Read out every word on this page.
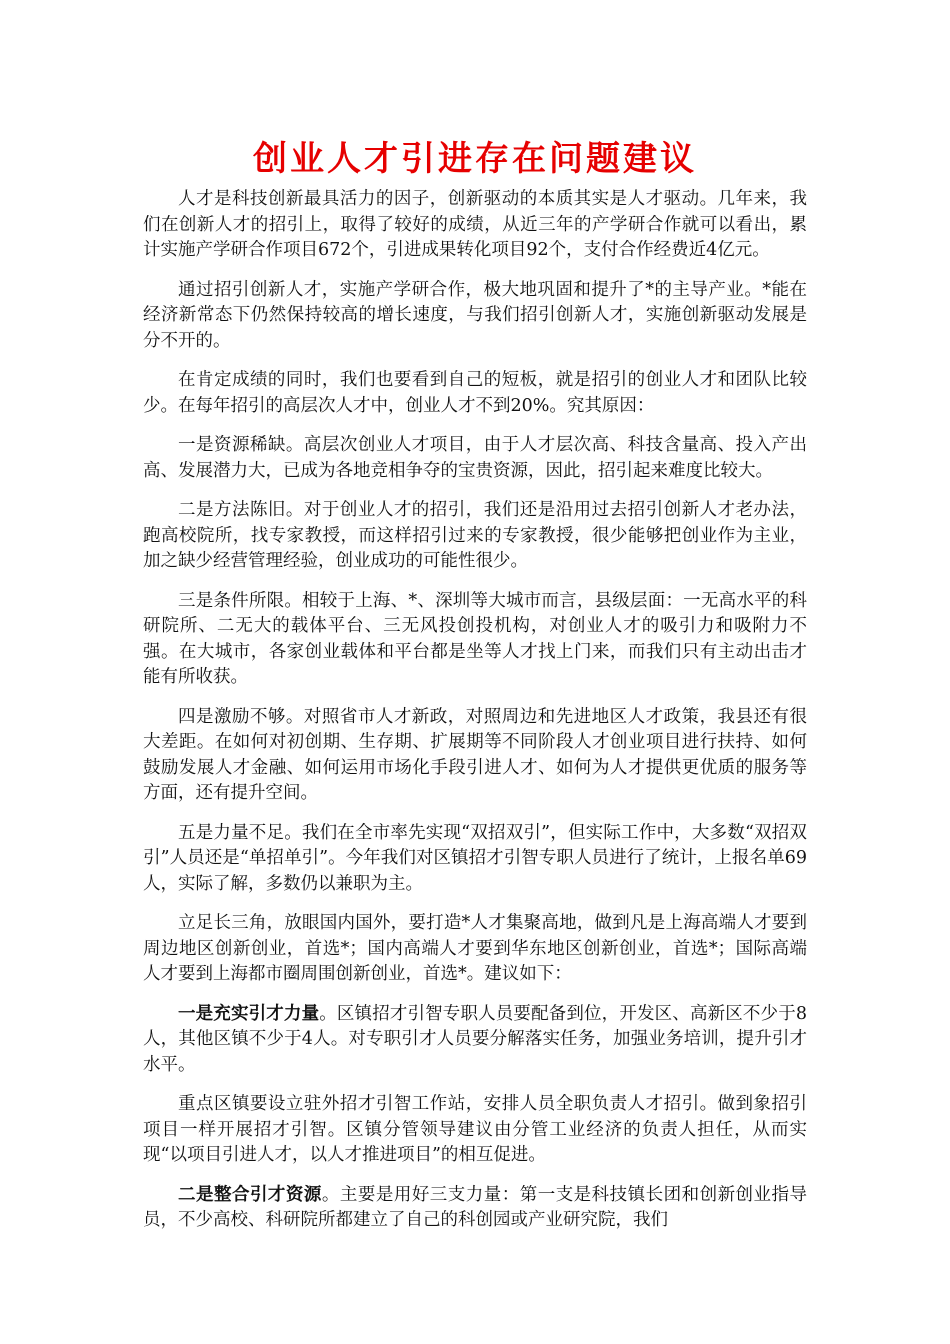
创业人才引进存在问题建议

人才是科技创新最具活力的因子，创新驱动的本质其实是人才驱动。几年来，我们在创新人才的招引上，取得了较好的成绩，从近三年的产学研合作就可以看出，累计实施产学研合作项目672个，引进成果转化项目92个，支付合作经费近4亿元。

通过招引创新人才，实施产学研合作，极大地巩固和提升了*的主导产业。*能在经济新常态下仍然保持较高的增长速度，与我们招引创新人才，实施创新驱动发展是分不开的。

在肯定成绩的同时，我们也要看到自己的短板，就是招引的创业人才和团队比较少。在每年招引的高层次人才中，创业人才不到20%。究其原因：

一是资源稀缺。高层次创业人才项目，由于人才层次高、科技含量高、投入产出高、发展潜力大，已成为各地竞相争夺的宝贵资源，因此，招引起来难度比较大。

二是方法陈旧。对于创业人才的招引，我们还是沿用过去招引创新人才老办法，跑高校院所，找专家教授，而这样招引过来的专家教授，很少能够把创业作为主业，加之缺少经营管理经验，创业成功的可能性很少。

三是条件所限。相较于上海、*、深圳等大城市而言，县级层面：一无高水平的科研院所、二无大的载体平台、三无风投创投机构，对创业人才的吸引力和吸附力不强。在大城市，各家创业载体和平台都是坐等人才找上门来，而我们只有主动出击才能有所收获。

四是激励不够。对照省市人才新政，对照周边和先进地区人才政策，我县还有很大差距。在如何对初创期、生存期、扩展期等不同阶段人才创业项目进行扶持、如何鼓励发展人才金融、如何运用市场化手段引进人才、如何为人才提供更优质的服务等方面，还有提升空间。

五是力量不足。我们在全市率先实现“双招双引”，但实际工作中，大多数“双招双引”人员还是“单招单引”。今年我们对区镇招才引智专职人员进行了统计，上报名单69人，实际了解，多数仍以兼职为主。

立足长三角，放眼国内国外，要打造*人才集聚高地，做到凡是上海高端人才要到周边地区创新创业，首选*；国内高端人才要到华东地区创新创业，首选*；国际高端人才要到上海都市圈周围创新创业，首选*。建议如下：

一是充实引才力量。区镇招才引智专职人员要配备到位，开发区、高新区不少于8人，其他区镇不少于4人。对专职引才人员要分解落实任务，加强业务培训，提升引才水平。

重点区镇要设立驻外招才引智工作站，安排人员全职负责人才招引。做到象招引项目一样开展招才引智。区镇分管领导建议由分管工业经济的负责人担任，从而实现“以项目引进人才，以人才推进项目”的相互促进。

二是整合引才资源。主要是用好三支力量：第一支是科技镇长团和创新创业指导员，不少高校、科研院所都建立了自己的科创园或产业研究院，我们
